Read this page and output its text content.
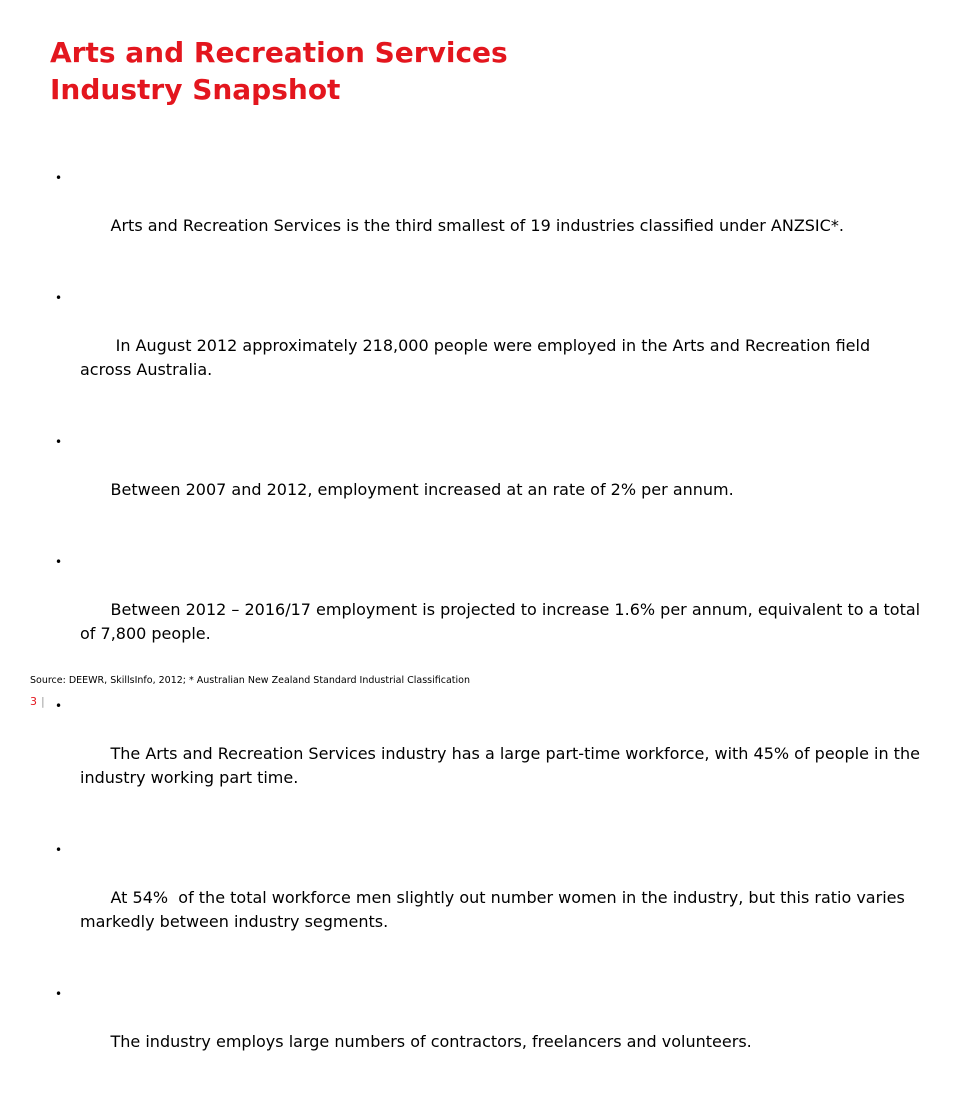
Arts and Recreation Services
Industry Snapshot

•

Arts and Recreation Services is the third smallest of 19 industries classified under ANZSIC*.

•

In August 2012 approximately 218,000 people were employed in the Arts and Recreation field across Australia.

•

Between 2007 and 2012, employment increased at an rate of 2% per annum.

•

Between 2012 – 2016/17 employment is projected to increase 1.6% per annum, equivalent to a total of 7,800 people.

•

The Arts and Recreation Services industry has a large part-time workforce, with 45% of people in the industry working part time.

•

At 54%  of the total workforce men slightly out number women in the industry, but this ratio varies markedly between industry segments.

•

The industry employs large numbers of contractors, freelancers and volunteers.

Source: DEEWR, SkillsInfo, 2012; * Australian New Zealand Standard Industrial Classification

3 |
